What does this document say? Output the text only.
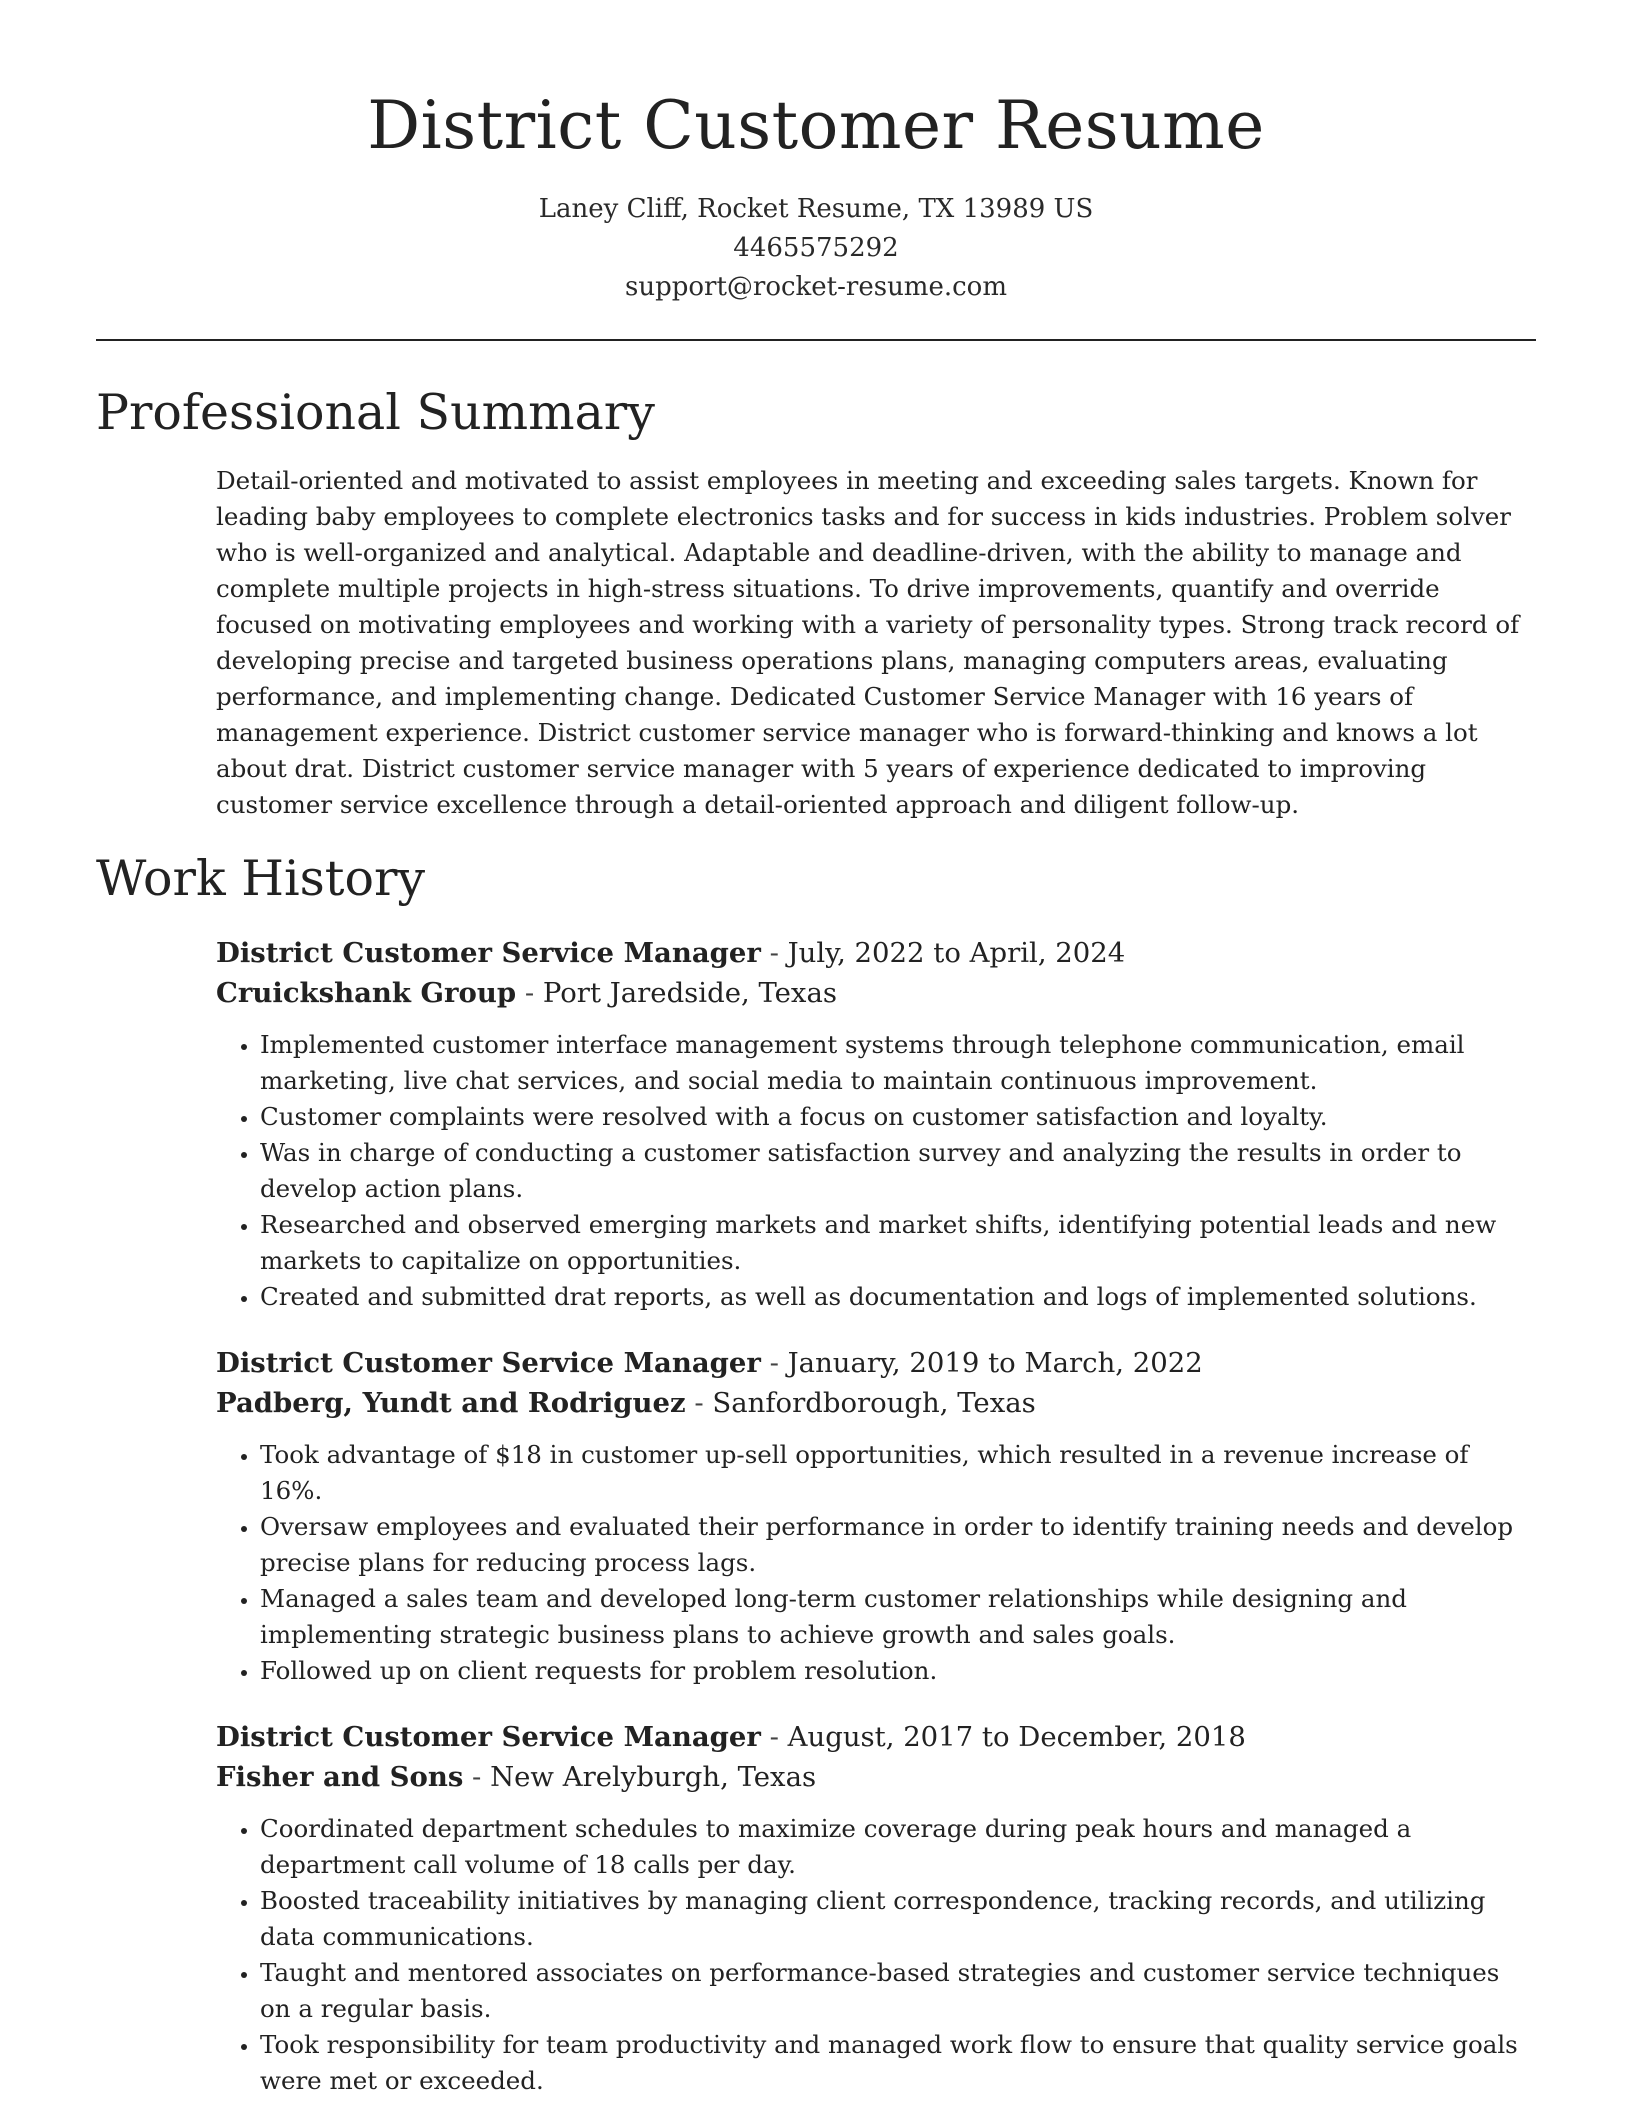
District Customer Resume
Laney Cliff, Rocket Resume, TX 13989 US
4465575292
support@rocket-resume.com
Professional Summary
Detail-oriented and motivated to assist employees in meeting and exceeding sales targets. Known for leading baby employees to complete electronics tasks and for success in kids industries. Problem solver who is well-organized and analytical. Adaptable and deadline-driven, with the ability to manage and complete multiple projects in high-stress situations. To drive improvements, quantify and override focused on motivating employees and working with a variety of personality types. Strong track record of developing precise and targeted business operations plans, managing computers areas, evaluating performance, and implementing change. Dedicated Customer Service Manager with 16 years of management experience. District customer service manager who is forward-thinking and knows a lot about drat. District customer service manager with 5 years of experience dedicated to improving customer service excellence through a detail-oriented approach and diligent follow-up.
Work History
District Customer Service Manager - July, 2022 to April, 2024
Cruickshank Group - Port Jaredside, Texas
• Implemented customer interface management systems through telephone communication, email marketing, live chat services, and social media to maintain continuous improvement.
• Customer complaints were resolved with a focus on customer satisfaction and loyalty.
• Was in charge of conducting a customer satisfaction survey and analyzing the results in order to develop action plans.
• Researched and observed emerging markets and market shifts, identifying potential leads and new markets to capitalize on opportunities.
• Created and submitted drat reports, as well as documentation and logs of implemented solutions.
District Customer Service Manager - January, 2019 to March, 2022
Padberg, Yundt and Rodriguez - Sanfordborough, Texas
• Took advantage of $18 in customer up-sell opportunities, which resulted in a revenue increase of 16%.
• Oversaw employees and evaluated their performance in order to identify training needs and develop precise plans for reducing process lags.
• Managed a sales team and developed long-term customer relationships while designing and implementing strategic business plans to achieve growth and sales goals.
• Followed up on client requests for problem resolution.
District Customer Service Manager - August, 2017 to December, 2018
Fisher and Sons - New Arelyburgh, Texas
• Coordinated department schedules to maximize coverage during peak hours and managed a department call volume of 18 calls per day.
• Boosted traceability initiatives by managing client correspondence, tracking records, and utilizing data communications.
• Taught and mentored associates on performance-based strategies and customer service techniques on a regular basis.
• Took responsibility for team productivity and managed work flow to ensure that quality service goals were met or exceeded.
